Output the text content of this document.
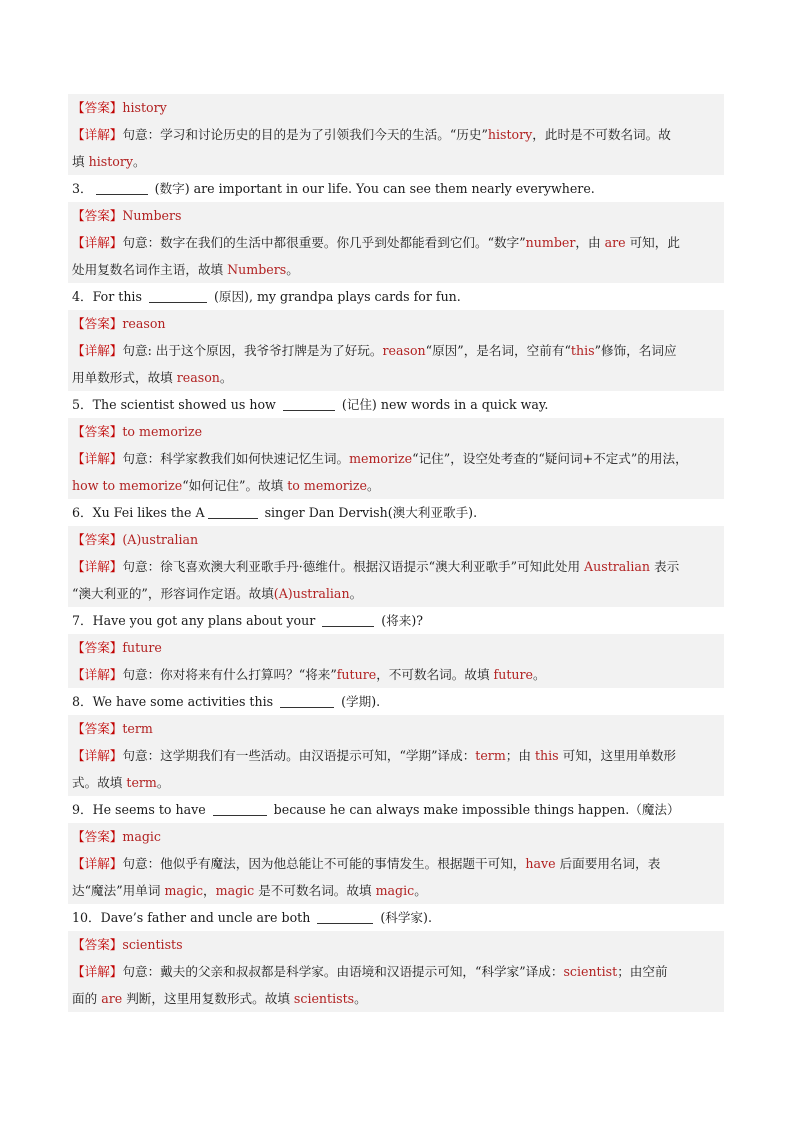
【答案】history
【详解】句意：学习和讨论历史的目的是为了引领我们今天的生活。“历史”history，此时是不可数名词。故
填 history。
3．	(数字) are important in our life. You can see them nearly everywhere.
【答案】Numbers
【详解】句意：数字在我们的生活中都很重要。你几乎到处都能看到它们。“数字”number，由 are 可知，此
处用复数名词作主语，故填 Numbers。
4．For this	(原因), my grandpa plays cards for fun.
【答案】reason
【详解】句意: 出于这个原因，我爷爷打牌是为了好玩。reason“原因”，是名词，空前有“this”修饰，名词应
用单数形式，故填 reason。
5．The scientist showed us how	(记住) new words in a quick way.
【答案】to memorize
【详解】句意：科学家教我们如何快速记忆生词。memorize“记住”，设空处考查的“疑问词+不定式”的用法，
how to memorize“如何记住”。故填 to memorize。
6．Xu Fei likes the A	singer Dan Dervish(澳大利亚歌手).
【答案】(A)ustralian
【详解】句意：徐飞喜欢澳大利亚歌手丹·德维什。根据汉语提示“澳大利亚歌手”可知此处用 Australian 表示
“澳大利亚的”，形容词作定语。故填(A)ustralian。
7．Have you got any plans about your	(将来)?
【答案】future
【详解】句意：你对将来有什么打算吗？“将来”future，不可数名词。故填 future。
8．We have some activities this	(学期).
【答案】term
【详解】句意：这学期我们有一些活动。由汉语提示可知，“学期”译成：term；由 this 可知，这里用单数形
式。故填 term。
9．He seems to have	because he can always make impossible things happen.（魔法）
【答案】magic
【详解】句意：他似乎有魔法，因为他总能让不可能的事情发生。根据题干可知，have 后面要用名词，表
达“魔法”用单词 magic，magic 是不可数名词。故填 magic。
10．Dave’s father and uncle are both	(科学家).
【答案】scientists
【详解】句意：戴夫的父亲和叔叔都是科学家。由语境和汉语提示可知，“科学家”译成：scientist；由空前
面的 are 判断，这里用复数形式。故填 scientists。
